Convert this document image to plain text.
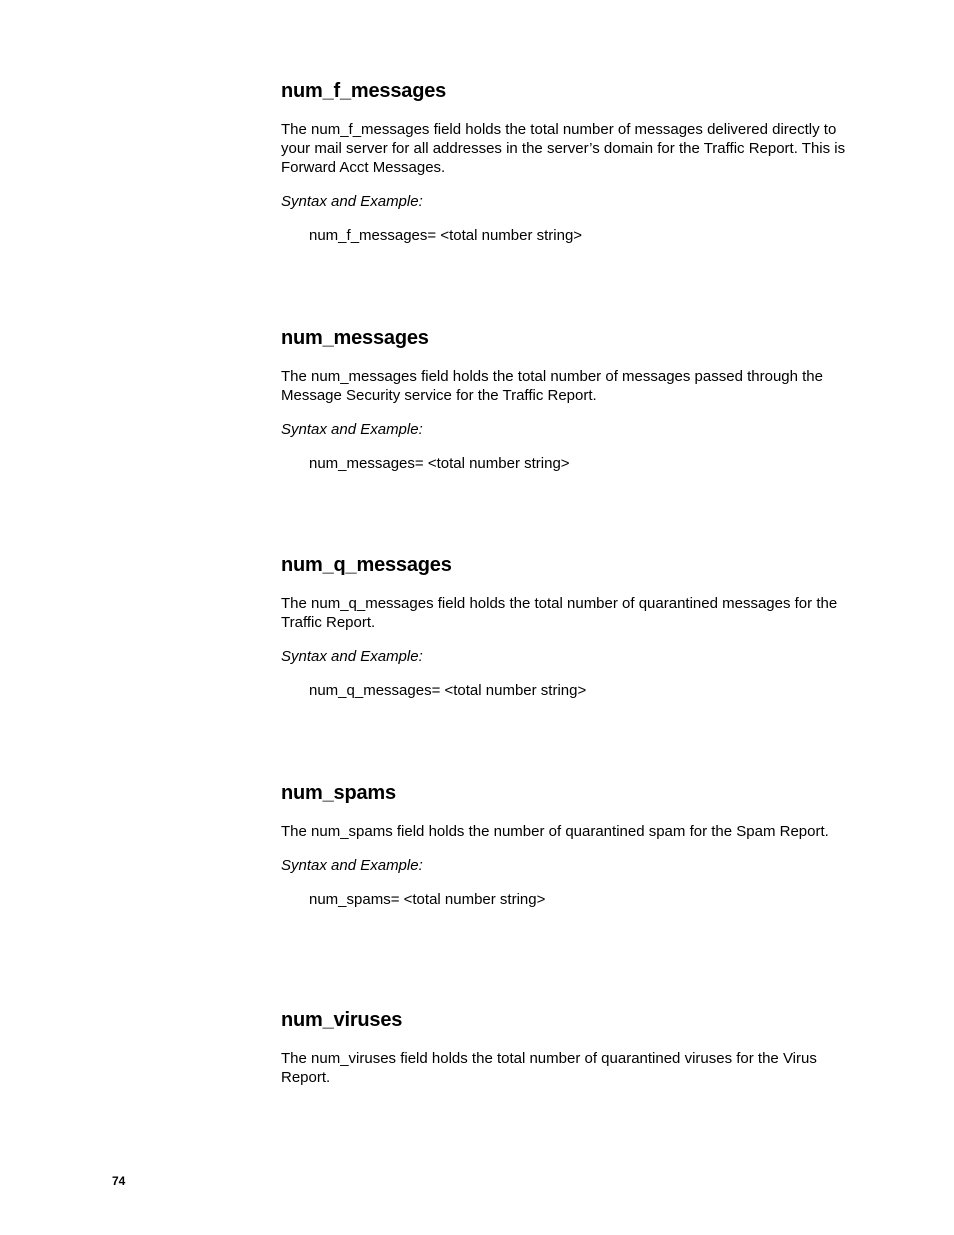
num_f_messages

The num_f_messages field holds the total number of messages delivered directly to your mail server for all addresses in the server’s domain for the Traffic Report. This is Forward Acct Messages.

Syntax and Example:

num_f_messages= <total number string>

num_messages

The num_messages field holds the total number of messages passed through the Message Security service for the Traffic Report.

Syntax and Example:

num_messages= <total number string>

num_q_messages

The num_q_messages field holds the total number of quarantined messages for the Traffic Report.

Syntax and Example:

num_q_messages= <total number string>

num_spams

The num_spams field holds the number of quarantined spam for the Spam Report.

Syntax and Example:

num_spams= <total number string>

num_viruses

The num_viruses field holds the total number of quarantined viruses for the Virus Report.

74
